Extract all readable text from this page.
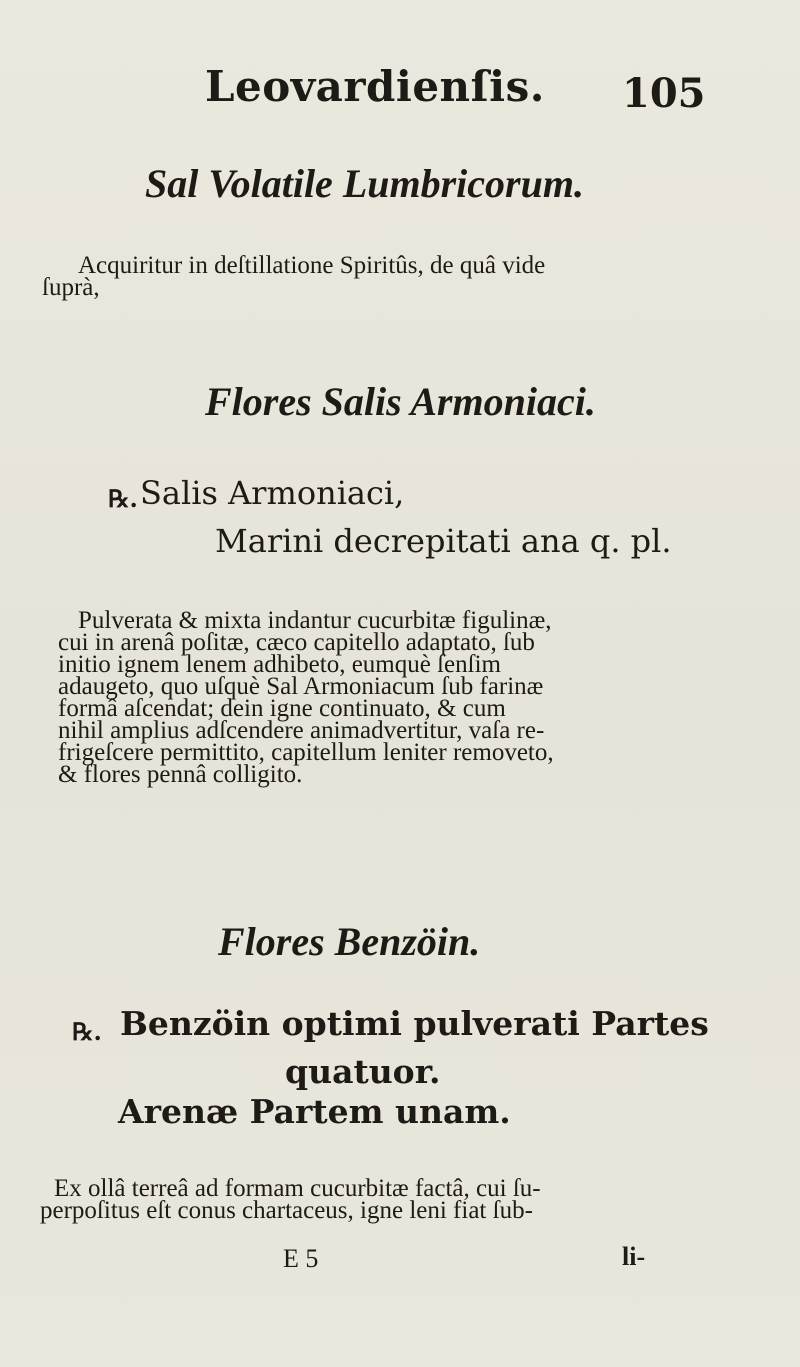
Leovardienſis. 105
Sal Volatile Lumbricorum.
Acquiritur in deſtillatione Spiritûs, de quâ vide
ſuprà,
Flores Salis Armoniaci.
℞. Salis Armoniaci,
Marini decrepitati ana q. pl.
Pulverata & mixta indantur cucurbitæ figulinæ,
cui in arenâ poſitæ, cæco capitello adaptato, ſub
initio ignem lenem adhibeto, eumquè ſenſim
adaugeto, quo uſquè Sal Armoniacum ſub farinæ
formâ aſcendat; dein igne continuato, & cum
nihil amplius adſcendere animadvertitur, vaſa re-
frigeſcere permittito, capitellum leniter removeto,
& flores pennâ colligito.
Flores Benzöin.
℞. Benzöin optimi pulverati Partes
quatuor.
Arenæ Partem unam.
Ex ollâ terreâ ad formam cucurbitæ factâ, cui ſu-
perpoſitus eſt conus chartaceus, igne leni fiat ſub-
E 5	li-
